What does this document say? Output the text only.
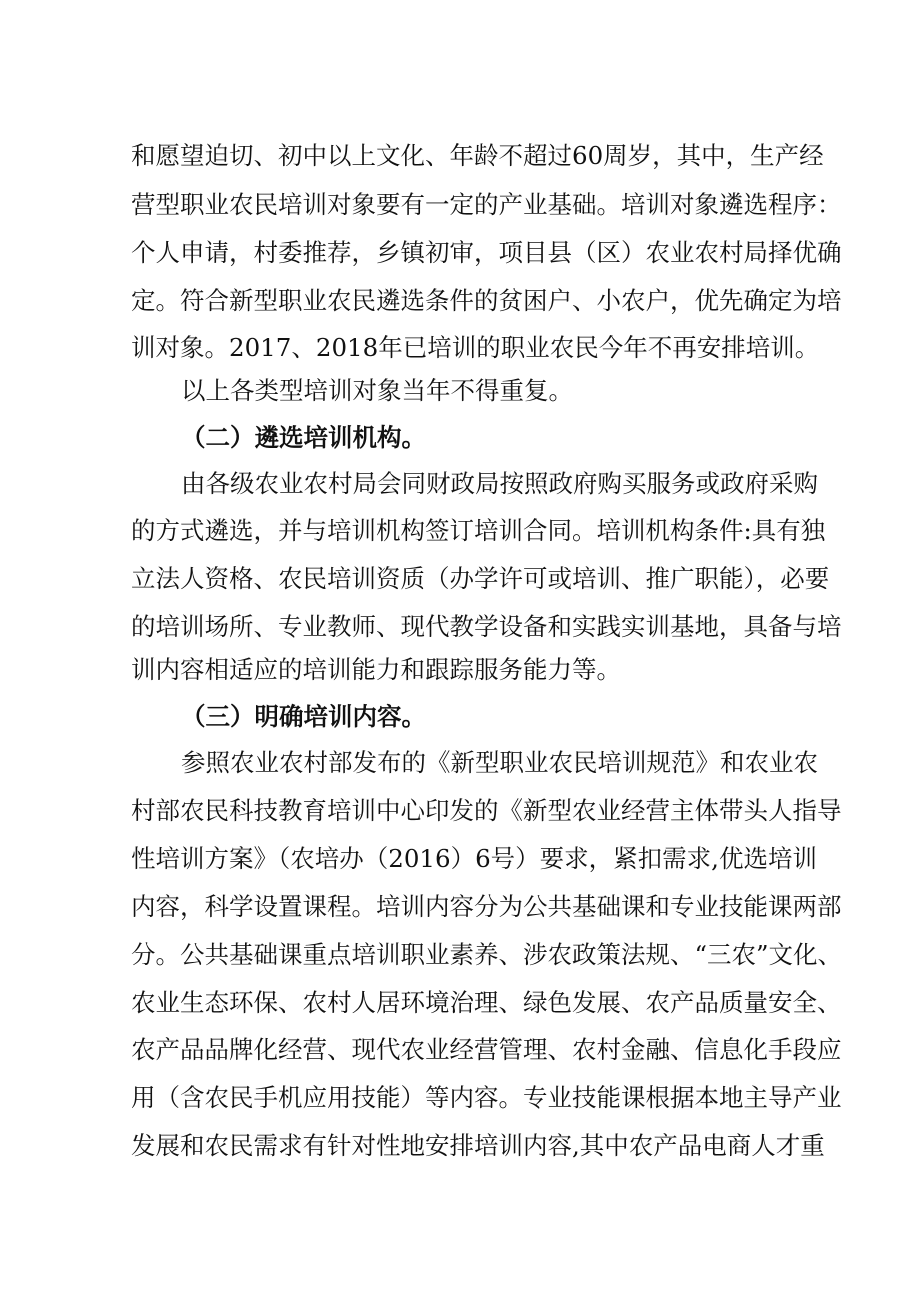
和愿望迫切、初中以上文化、年龄不超过60周岁，其中，生产经
营型职业农民培训对象要有一定的产业基础。培训对象遴选程序：
个人申请，村委推荐，乡镇初审，项目县（区）农业农村局择优确
定。符合新型职业农民遴选条件的贫困户、小农户，优先确定为培
训对象。2017、2018年已培训的职业农民今年不再安排培训。
以上各类型培训对象当年不得重复。
（二）遴选培训机构。
由各级农业农村局会同财政局按照政府购买服务或政府采购
的方式遴选，并与培训机构签订培训合同。培训机构条件:具有独
立法人资格、农民培训资质（办学许可或培训、推广职能），必要
的培训场所、专业教师、现代教学设备和实践实训基地，具备与培
训内容相适应的培训能力和跟踪服务能力等。
（三）明确培训内容。
参照农业农村部发布的《新型职业农民培训规范》和农业农
村部农民科技教育培训中心印发的《新型农业经营主体带头人指导
性培训方案》（农培办（2016）6号）要求，紧扣需求,优选培训
内容，科学设置课程。培训内容分为公共基础课和专业技能课两部
分。公共基础课重点培训职业素养、涉农政策法规、“三农”文化、
农业生态环保、农村人居环境治理、绿色发展、农产品质量安全、
农产品品牌化经营、现代农业经营管理、农村金融、信息化手段应
用（含农民手机应用技能）等内容。专业技能课根据本地主导产业
发展和农民需求有针对性地安排培训内容,其中农产品电商人才重
